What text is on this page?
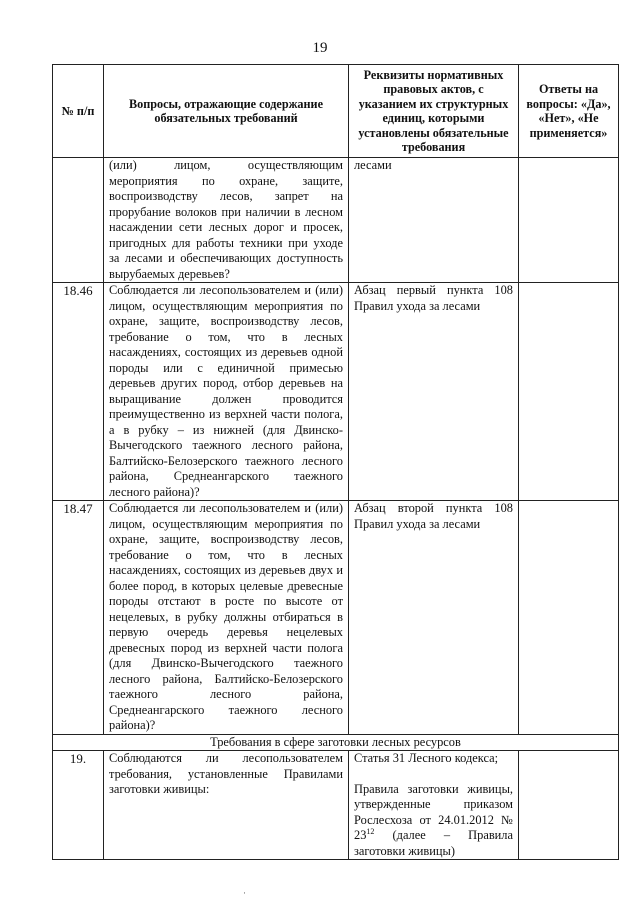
19
№ п/п	Вопросы, отражающие содержание обязательных требований	Реквизиты нормативных правовых актов, с указанием их структурных единиц, которыми установлены обязательные требования	Ответы на вопросы: «Да», «Нет», «Не применяется»
	(или) лицом, осуществляющим мероприятия по охране, защите, воспроизводству лесов, запрет на прорубание волоков при наличии в лесном насаждении сети лесных дорог и просек, пригодных для работы техники при уходе за лесами и обеспечивающих доступность вырубаемых деревьев?	лесами	
18.46	Соблюдается ли лесопользователем и (или) лицом, осуществляющим мероприятия по охране, защите, воспроизводству лесов, требование о том, что в лесных насаждениях, состоящих из деревьев одной породы или с единичной примесью деревьев других пород, отбор деревьев на выращивание должен проводится преимущественно из верхней части полога, а в рубку – из нижней (для Двинско-Вычегодского таежного лесного района, Балтийско-Белозерского таежного лесного района, Среднеангарского таежного лесного района)?	Абзац первый пункта 108 Правил ухода за лесами	
18.47	Соблюдается ли лесопользователем и (или) лицом, осуществляющим мероприятия по охране, защите, воспроизводству лесов, требование о том, что в лесных насаждениях, состоящих из деревьев двух и более пород, в которых целевые древесные породы отстают в росте по высоте от нецелевых, в рубку должны отбираться в первую очередь деревья нецелевых древесных пород из верхней части полога (для Двинско-Вычегодского таежного лесного района, Балтийско-Белозерского таежного лесного района, Среднеангарского таежного лесного района)?	Абзац второй пункта 108 Правил ухода за лесами	
Требования в сфере заготовки лесных ресурсов			
19.	Соблюдаются ли лесопользователем требования, установленные Правилами заготовки живицы:	Статья 31 Лесного кодекса;

Правила заготовки живицы, утвержденные приказом Рослесхоза от 24.01.2012 № $23^{12}$ (далее – Правила заготовки живицы)	

·
